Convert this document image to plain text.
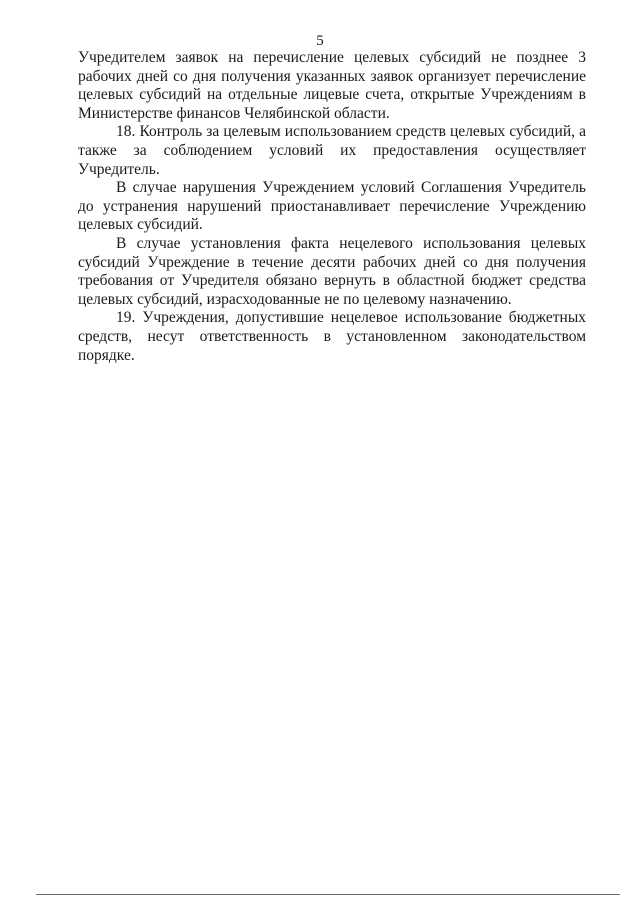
5

Учредителем заявок на перечисление целевых субсидий не позднее 3 рабочих дней со дня получения указанных заявок организует перечисление целевых субсидий на отдельные лицевые счета, открытые Учреждениям в Министерстве финансов Челябинской области.

18. Контроль за целевым использованием средств целевых субсидий, а также за соблюдением условий их предоставления осуществляет Учредитель.

В случае нарушения Учреждением условий Соглашения Учредитель до устранения нарушений приостанавливает перечисление Учреждению целевых субсидий.

В случае установления факта нецелевого использования целевых субсидий Учреждение в течение десяти рабочих дней со дня получения требования от Учредителя обязано вернуть в областной бюджет средства целевых субсидий, израсходованные не по целевому назначению.

19. Учреждения, допустившие нецелевое использование бюджетных средств, несут ответственность в установленном законодательством порядке.
